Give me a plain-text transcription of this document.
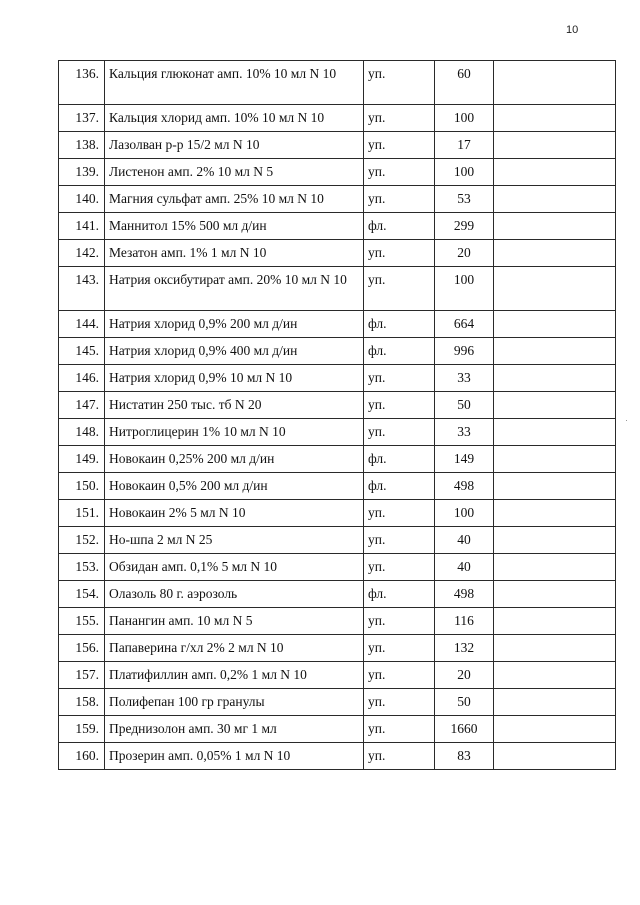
10
136.	Кальция глюконат амп. 10% 10 мл N 10	уп.	60	
137.	Кальция хлорид амп. 10% 10 мл N 10	уп.	100	
138.	Лазолван р-р 15/2 мл N 10	уп.	17	
139.	Листенон амп. 2% 10 мл N 5	уп.	100	
140.	Магния сульфат амп. 25% 10 мл N 10	уп.	53	
141.	Маннитол 15% 500 мл д/ин	фл.	299	
142.	Мезатон амп. 1% 1 мл N 10	уп.	20	
143.	Натрия оксибутират амп. 20% 10 мл N 10	уп.	100	
144.	Натрия хлорид 0,9% 200 мл д/ин	фл.	664	
145.	Натрия хлорид 0,9% 400 мл д/ин	фл.	996	
146.	Натрия хлорид 0,9% 10 мл N 10	уп.	33	
147.	Нистатин 250 тыс. тб N 20	уп.	50	
148.	Нитроглицерин 1% 10 мл N 10	уп.	33	
149.	Новокаин 0,25% 200 мл д/ин	фл.	149	
150.	Новокаин 0,5% 200 мл д/ин	фл.	498	
151.	Новокаин 2% 5 мл N 10	уп.	100	
152.	Но-шпа 2 мл N 25	уп.	40	
153.	Обзидан амп. 0,1% 5 мл N 10	уп.	40	
154.	Олазоль 80 г. аэрозоль	фл.	498	
155.	Панангин амп. 10 мл N 5	уп.	116	
156.	Папаверина г/хл 2% 2 мл N 10	уп.	132	
157.	Платифиллин амп. 0,2% 1 мл N 10	уп.	20	
158.	Полифепан 100 гр гранулы	уп.	50	
159.	Преднизолон амп. 30 мг 1 мл	уп.	1660	
160.	Прозерин амп. 0,05% 1 мл N 10	уп.	83	
